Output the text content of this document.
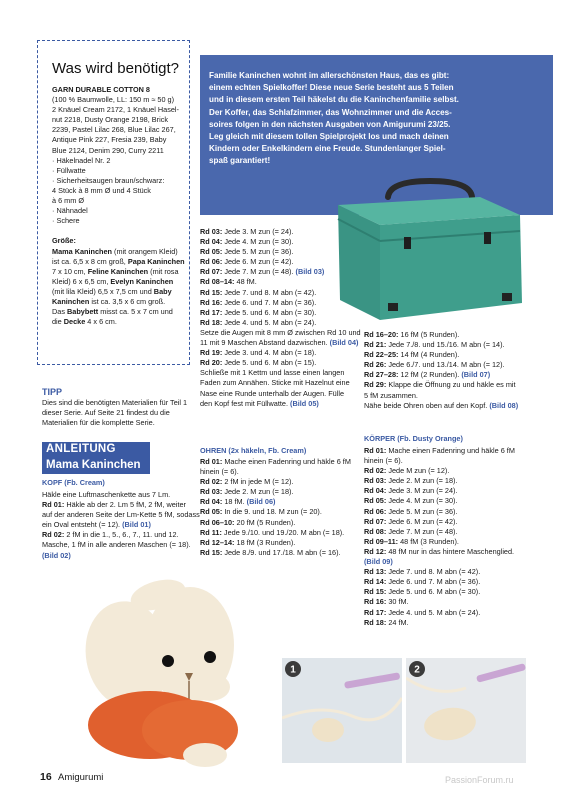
Was wird benötigt?
GARN DURABLE COTTON 8
(100 % Baumwolle, LL: 150 m ≈ 50 g)
2 Knäuel Cream 2172, 1 Knäuel Hasel-
nut 2218, Dusty Orange 2198, Brick
2239, Pastel Lilac 268, Blue Lilac 267,
Antique Pink 227, Fresia 239, Baby
Blue 2124, Denim 290, Curry 2211
· Häkelnadel Nr. 2
· Füllwatte
· Sicherheitsaugen braun/schwarz:
4 Stück à 8 mm Ø und 4 Stück
à 6 mm Ø
· Nähnadel
· Schere

Größe:
Mama Kaninchen (mit orangem Kleid)
ist ca. 6,5 x 8 cm groß, Papa Kaninchen
7 x 10 cm, Feline Kaninchen (mit rosa
Kleid) 6 x 6,5 cm, Evelyn Kaninchen
(mit lila Kleid) 6,5 x 7,5 cm und Baby
Kaninchen ist ca. 3,5 x 6 cm groß.
Das Babybett misst ca. 5 x 7 cm und
die Decke 4 x 6 cm.
Familie Kaninchen wohnt im allerschönsten Haus, das es gibt:
einem echten Spielkoffer! Diese neue Serie besteht aus 5 Teilen
und in diesem ersten Teil häkelst du die Kaninchenfamilie selbst.
Der Koffer, das Schlafzimmer, das Wohnzimmer und die Acces-
soires folgen in den nächsten Ausgaben von Amigurumi 23/25.
Leg gleich mit diesem tollen Spielprojekt los und mach deinen
Kindern oder Enkelkindern eine Freude. Stundenlanger Spiel-
spaß garantiert!
TIPP
Dies sind die benötigten Materialien für Teil 1
dieser Serie. Auf Seite 21 findest du die
Materialien für die komplette Serie.
ANLEITUNG
Mama Kaninchen
KOPF (Fb. Cream)
Häkle eine Luftmaschenkette aus 7 Lm.
Rd 01: Häkle ab der 2. Lm 5 fM, 2 fM, weiter
auf der anderen Seite der Lm-Kette 5 fM, sodass
ein Oval entsteht (= 12). (Bild 01)
Rd 02: 2 fM in die 1., 5., 6., 7., 11. und 12.
Masche, 1 fM in alle anderen Maschen (= 18).
(Bild 02)
Rd 03: Jede 3. M zun (= 24).
Rd 04: Jede 4. M zun (= 30).
Rd 05: Jede 5. M zun (= 36).
Rd 06: Jede 6. M zun (= 42).
Rd 07: Jede 7. M zun (= 48). (Bild 03)
Rd 08–14: 48 fM.
Rd 15: Jede 7. und 8. M abn (= 42).
Rd 16: Jede 6. und 7. M abn (= 36).
Rd 17: Jede 5. und 6. M abn (= 30).
Rd 18: Jede 4. und 5. M abn (= 24).
Setze die Augen mit 8 mm Ø zwischen Rd 10 und
11 mit 9 Maschen Abstand dazwischen. (Bild 04)
Rd 19: Jede 3. und 4. M abn (= 18).
Rd 20: Jede 5. und 6. M abn (= 15).
Schließe mit 1 Kettm und lasse einen langen
Faden zum Annähen. Sticke mit Hazelnut eine
Nase eine Runde unterhalb der Augen. Fülle
den Kopf fest mit Füllwatte. (Bild 05)
OHREN (2x häkeln, Fb. Cream)
Rd 01: Mache einen Fadenring und häkle 6 fM
hinein (= 6).
Rd 02: 2 fM in jede M (= 12).
Rd 03: Jede 2. M zun (= 18).
Rd 04: 18 fM. (Bild 06)
Rd 05: In die 9. und 18. M zun (= 20).
Rd 06–10: 20 fM (5 Runden).
Rd 11: Jede 9./10. und 19./20. M abn (= 18).
Rd 12–14: 18 fM (3 Runden).
Rd 15: Jede 8./9. und 17./18. M abn (= 16).
Rd 16–20: 16 fM (5 Runden).
Rd 21: Jede 7./8. und 15./16. M abn (= 14).
Rd 22–25: 14 fM (4 Runden).
Rd 26: Jede 6./7. und 13./14. M abn (= 12).
Rd 27–28: 12 fM (2 Runden). (Bild 07)
Rd 29: Klappe die Öffnung zu und häkle es mit
5 fM zusammen.
Nähe beide Ohren oben auf den Kopf. (Bild 08)
KÖRPER (Fb. Dusty Orange)
Rd 01: Mache einen Fadenring und häkle 6 fM
hinein (= 6).
Rd 02: Jede M zun (= 12).
Rd 03: Jede 2. M zun (= 18).
Rd 04: Jede 3. M zun (= 24).
Rd 05: Jede 4. M zun (= 30).
Rd 06: Jede 5. M zun (= 36).
Rd 07: Jede 6. M zun (= 42).
Rd 08: Jede 7. M zun (= 48).
Rd 09–11: 48 fM (3 Runden).
Rd 12: 48 fM nur in das hintere Maschenglied.
(Bild 09)
Rd 13: Jede 7. und 8. M abn (= 42).
Rd 14: Jede 6. und 7. M abn (= 36).
Rd 15: Jede 5. und 6. M abn (= 30).
Rd 16: 30 fM.
Rd 17: Jede 4. und 5. M abn (= 24).
Rd 18: 24 fM.
1	2
16 Amigurumi	PassionForum.ru
